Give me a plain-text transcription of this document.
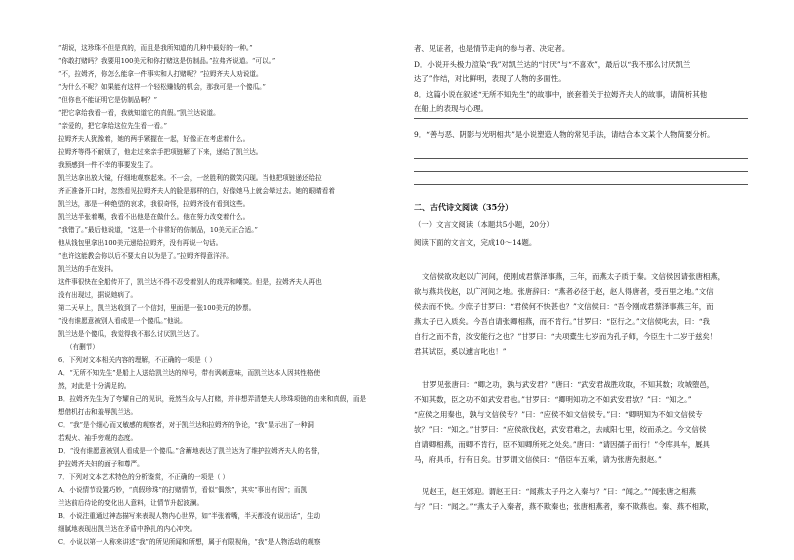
“胡说，这珍珠不但是真的，而且是我所知道的几种中最好的一种。”
“你敢打赌吗？我要用100美元和你打赌这是仿制品。”拉弗齐说道。“可以。”
“不，拉姆齐，你怎么能拿一件事实和人打赌呢？”拉姆齐夫人劝说道。
“为什么不呢？如果能有这样一个轻松赚钱的机会，那我可是一个傻瓜。”
“但你也不能证明它是仿制品啊？”
“把它拿给我看一看，我就知道它的真假。”凯兰达说道。
“亲爱的，把它拿给这位先生看一看。”
拉姆齐夫人犹豫着，她的两手紧握在一起，好像正在考虑着什么。
拉姆齐等得不耐烦了，他走过来亲手把项链解了下来，递给了凯兰达。
我预感到一件不幸的事要发生了。
凯兰达拿出放大镜，仔细地观察起来。不一会，一丝胜利的微笑闪现。当他把项链递还给拉
齐正准备开口时，忽然看见拉姆齐夫人的脸是那样的白，好像她马上就会晕过去。她的眼睛看着
凯兰达，那是一种绝望的哀求，我很奇怪，拉姆齐没有看到这些。
凯兰达半张着嘴，我看不出他是在做什么。他在努力改变着什么。
“我错了。”最后他说道，“这是一个非常好的仿制品，10美元正合适。”
他从钱包里拿出100美元递给拉姆齐，没有再说一句话。
“也许这能教会你以后不要太自以为是了。”拉姆齐得意洋洋。
凯兰达的手在发抖。
这件事很快在全船传开了，凯兰达不得不忍受着别人的戏弄和嘲笑。但是，拉姆齐夫人再也
没有出现过，据说她病了。
第二天早上，凯兰达收到了一个信封，里面是一张100美元的钞票。
“没有谁愿意被别人看成是一个傻瓜。”他说。
凯兰达是个傻瓜，我觉得我不那么讨厌凯兰达了。
（有删节）
6．下列对文本相关内容的理解，不正确的一项是（ ）
A．“无所不知先生”是船上人送给凯兰达的绰号，带有讽刺意味，而凯兰达本人因其性格使
然，对此是十分满足的。
B．拉姆齐先生为了夸耀自己的见识，竟然当众与人打赌，并非想弄清楚夫人珍珠项链的由来和真假，而是
想借机打击和羞辱凯兰达。
C．“我”是个细心而又敏感的观察者，对于凯兰达和拉姆齐的争论，“我”显示出了一种洞
若观火、袖手旁观的态度。
D．“没有谁愿意被别人看成是一个傻瓜。”含蓄地表达了凯兰达为了维护拉姆齐夫人的名誉，
护拉姆齐夫妇的面子和尊严。
7．下列对文本艺术特色的分析鉴赏，不正确的一项是（ ）
A．小说情节设置巧妙，“真假珍珠”的打赌情节，看似“偶然”，其实“事出有因”；而凯
兰达前后待论的变化出人意料，让情节升起波澜。
B．小说注重通过神态描写来表现人物内心世界，如“半张着嘴，半天都没有说出话”，生动
细腻地表现出凯兰达在矛盾中挣扎的内心冲突。
C．小说以第一人称来讲述“我”的所见所闻和所想，属于有限视角，“我”是人物活动的观察
者、见证者，也是情节走向的参与者、决定者。
D．小说开头极力渲染“我”对凯兰达的“讨厌”与“不喜欢”，最后以“我不那么讨厌凯兰
达了”作结，对比鲜明，表现了人物的多面性。
8．这篇小说在叙述“无所不知先生”的故事中，嵌套着关于拉姆齐夫人的故事，请简析其他
在船上的表现与心理。
9．“善与恶、阴影与光明相共”是小说塑造人物的常见手法，请结合本文某个人物简要分析。
二、古代诗文阅读（35分）
（一）文言文阅读（本题共5小题，20分）
阅读下面的文言文，完成10～14题。
文信侯欲攻赵以广河间，使刚成君蔡泽事燕，三年，而燕太子质于秦。文信侯因请张唐相燕，
欲与燕共伐赵，以广河间之地。张唐辞曰：“燕者必径于赵，赵人得唐者，受百里之地。”文信
侯去而不快。少庶子甘罗曰：“君侯何不快甚也？”文信侯曰：“吾令刚成君蔡泽事燕三年，而
燕太子已入质矣。今吾自请张卿相燕，而不肯行。”甘罗曰：“臣行之。”文信侯叱去，曰：“我
自行之而不肯，汝安能行之也？”甘罗曰：“夫项橐生七岁而为孔子师，今臣生十二岁于兹矣！
君其试臣，奚以遽言叱也！”
甘罗见张唐曰：“卿之功，孰与武安君？”唐曰：“武安君战胜攻取，不知其数；攻城堕邑，
不知其数，臣之功不如武安君也。”甘罗曰：“卿明知功之不如武安君欤？”曰：“知之。”
“应侯之用秦也，孰与文信侯专？”曰：“应侯不如文信侯专。”曰：“卿明知为不如文信侯专
欤？”曰：“知之。”甘罗曰：“应侯欲伐赵，武安君难之，去咸阳七里，绞而杀之。今文信侯
自请卿相燕，而卿不肯行，臣不知卿所死之处矣。”唐曰：“请因孺子而行！”令库具车，厩具
马，府具币，行有日矣。甘罗谓文信侯曰：“借臣车五乘，请为张唐先报赵。”
见赵王，赵王郊迎。谓赵王曰：“闻燕太子丹之入秦与？”曰：“闻之。”“闻张唐之相燕
与？”曰：“闻之。”“燕太子入秦者，燕不欺秦也；张唐相燕者，秦不欺燕也。秦、燕不相欺，
